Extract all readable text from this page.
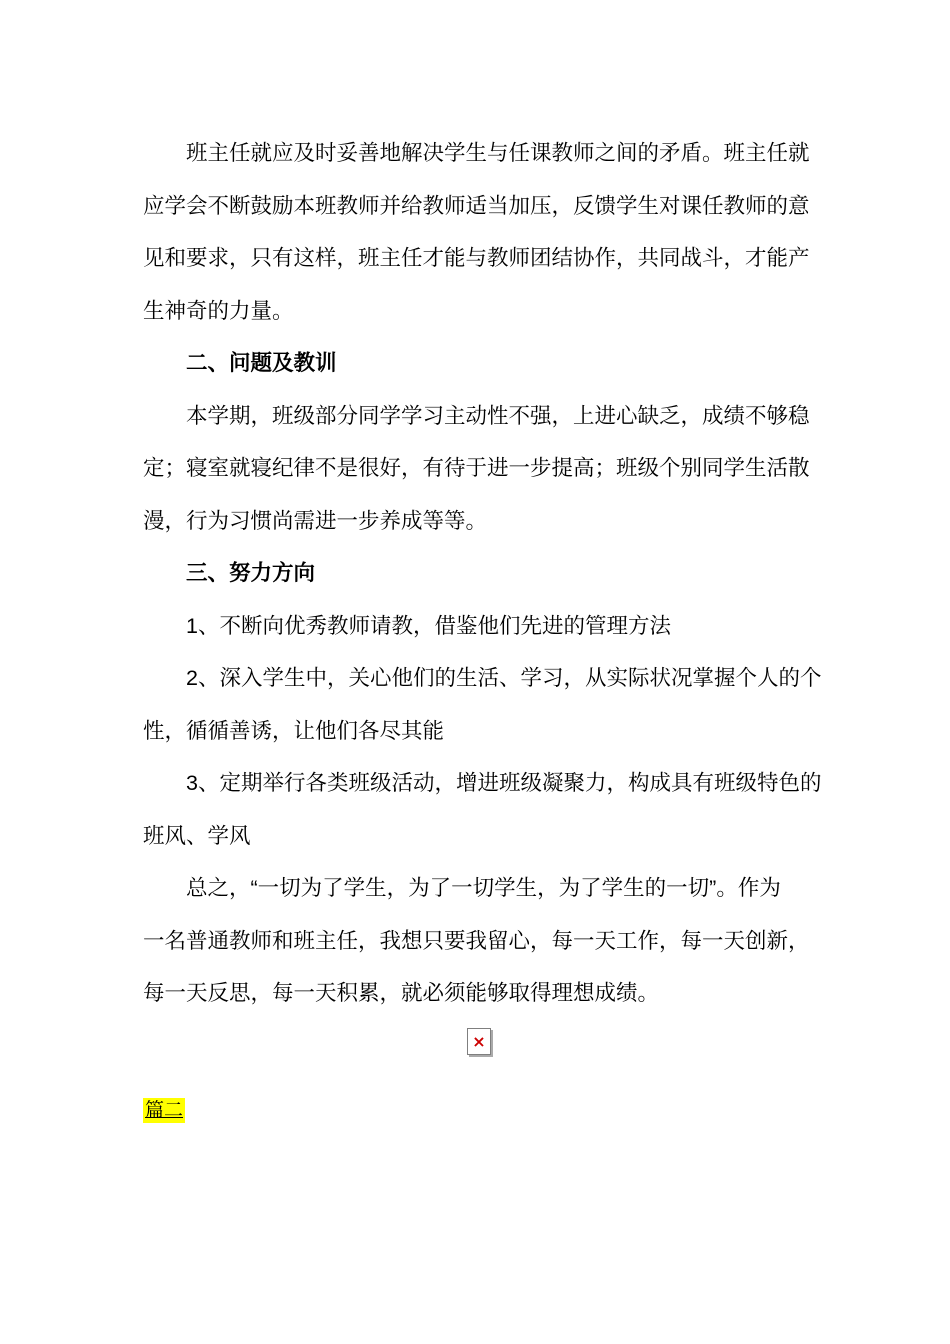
班主任就应及时妥善地解决学生与任课教师之间的矛盾。班主任就
应学会不断鼓励本班教师并给教师适当加压，反馈学生对课任教师的意
见和要求，只有这样，班主任才能与教师团结协作，共同战斗，才能产
生神奇的力量。
二、问题及教训
本学期，班级部分同学学习主动性不强，上进心缺乏，成绩不够稳
定；寝室就寝纪律不是很好，有待于进一步提高；班级个别同学生活散
漫，行为习惯尚需进一步养成等等。
三、努力方向
1、不断向优秀教师请教，借鉴他们先进的管理方法
2、深入学生中，关心他们的生活、学习，从实际状况掌握个人的个
性，循循善诱，让他们各尽其能
3、定期举行各类班级活动，增进班级凝聚力，构成具有班级特色的
班风、学风
总之，“一切为了学生，为了一切学生，为了学生的一切”。作为
一名普通教师和班主任，我想只要我留心，每一天工作，每一天创新，
每一天反思，每一天积累，就必须能够取得理想成绩。
×
篇二
